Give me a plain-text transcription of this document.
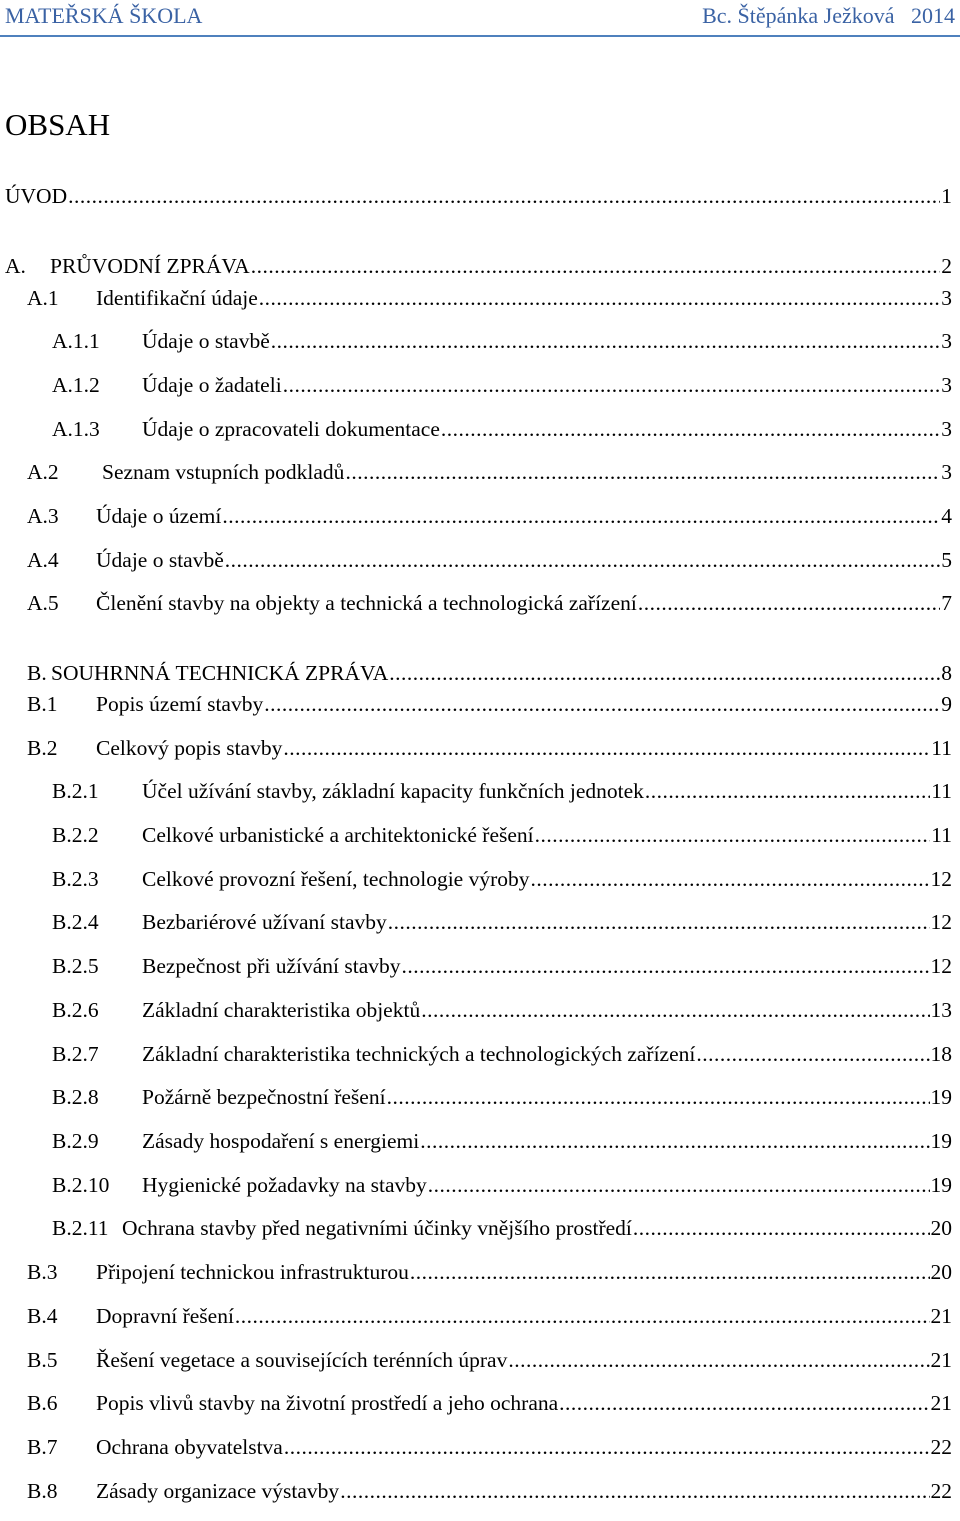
MATEŘSKÁ ŠKOLA	Bc. Štěpánka Ježková   2014
OBSAH
ÚVOD .....	1
A.	PRŮVODNÍ ZPRÁVA .....	2
A.1	Identifikační údaje .....	3
A.1.1	Údaje o stavbě .....	3
A.1.2	Údaje o žadateli .....	3
A.1.3	Údaje o zpracovateli dokumentace .....	3
A.2	Seznam vstupních podkladů .....	3
A.3	Údaje o území .....	4
A.4	Údaje o stavbě .....	5
A.5	Členění stavby na objekty a technická a technologická zařízení .....	7
B. SOUHRNNÁ TECHNICKÁ ZPRÁVA .....	8
B.1	Popis území stavby .....	9
B.2	Celkový popis stavby .....	11
B.2.1	Účel užívání stavby, základní kapacity funkčních jednotek .....	11
B.2.2	Celkové urbanistické a architektonické řešení .....	11
B.2.3	Celkové provozní řešení, technologie výroby .....	12
B.2.4	Bezbariérové užívaní stavby .....	12
B.2.5	Bezpečnost při užívání stavby .....	12
B.2.6	Základní charakteristika objektů .....	13
B.2.7	Základní charakteristika technických a technologických zařízení .....	18
B.2.8	Požárně bezpečnostní řešení .....	19
B.2.9	Zásady hospodaření s energiemi .....	19
B.2.10	Hygienické požadavky na stavby .....	19
B.2.11 Ochrana stavby před negativními účinky vnějšího prostředí .....	20
B.3	Připojení technickou infrastrukturou .....	20
B.4	Dopravní řešení .....	21
B.5	Řešení vegetace a souvisejících terénních úprav .....	21
B.6	Popis vlivů stavby na životní prostředí a jeho ochrana .....	21
B.7	Ochrana obyvatelstva .....	22
B.8	Zásady organizace výstavby .....	22
